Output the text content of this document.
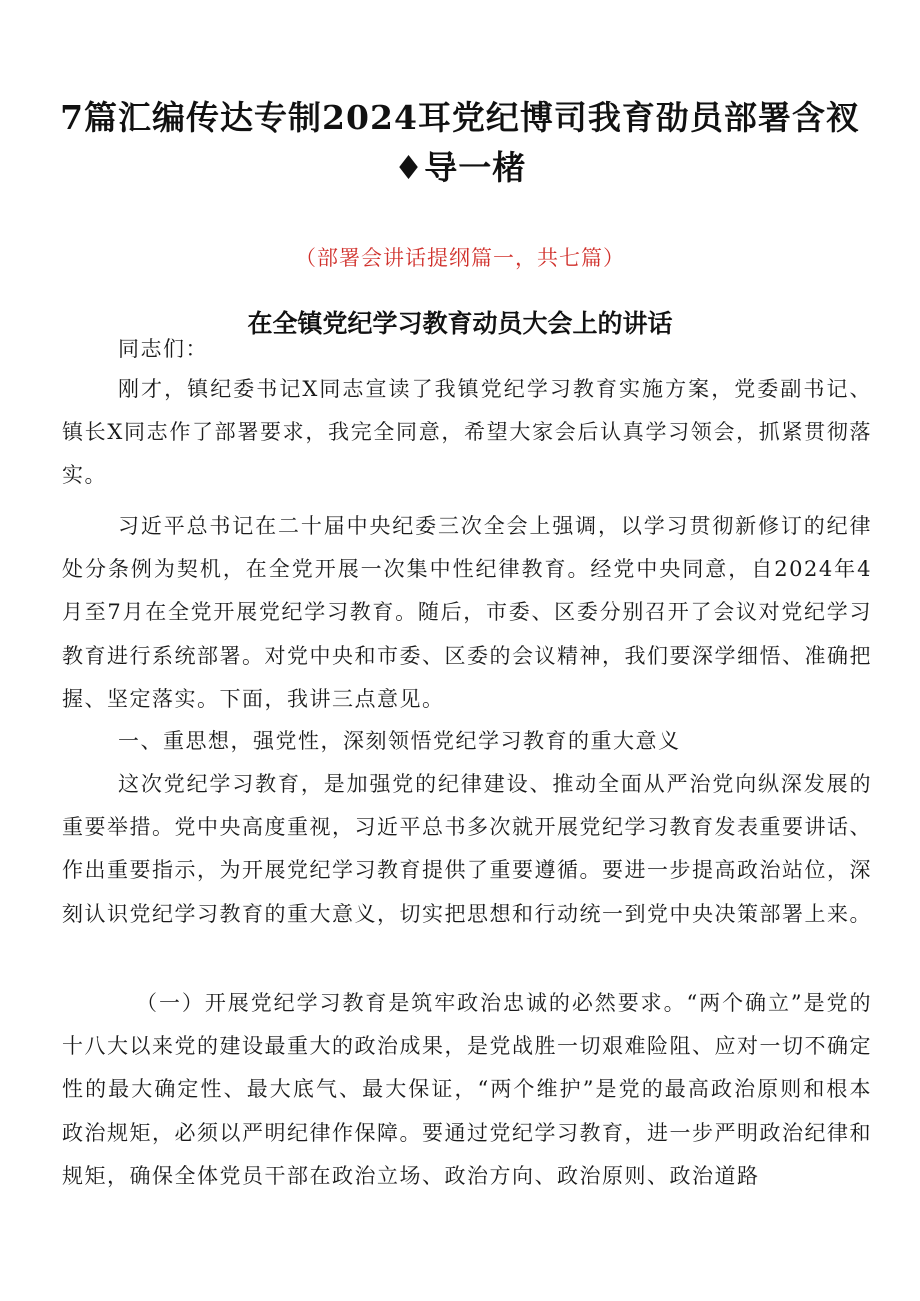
7篇汇编传达专制2024耳党纪博司我育劭员部署含衩
♦导一楮
（部署会讲话提纲篇一，共七篇）
在全镇党纪学习教育动员大会上的讲话

同志们：

刚才，镇纪委书记X同志宣读了我镇党纪学习教育实施方案，党委副书记、镇长X同志作了部署要求，我完全同意，希望大家会后认真学习领会，抓紧贯彻落实。

习近平总书记在二十届中央纪委三次全会上强调，以学习贯彻新修订的纪律处分条例为契机，在全党开展一次集中性纪律教育。经党中央同意，自2024年4月至7月在全党开展党纪学习教育。随后，市委、区委分别召开了会议对党纪学习教育进行系统部署。对党中央和市委、区委的会议精神，我们要深学细悟、准确把握、坚定落实。下面，我讲三点意见。

一、重思想，强党性，深刻领悟党纪学习教育的重大意义

这次党纪学习教育，是加强党的纪律建设、推动全面从严治党向纵深发展的重要举措。党中央高度重视，习近平总书多次就开展党纪学习教育发表重要讲话、作出重要指示，为开展党纪学习教育提供了重要遵循。要进一步提高政治站位，深刻认识党纪学习教育的重大意义，切实把思想和行动统一到党中央决策部署上来。

（一）开展党纪学习教育是筑牢政治忠诚的必然要求。“两个确立”是党的十八大以来党的建设最重大的政治成果，是党战胜一切艰难险阻、应对一切不确定性的最大确定性、最大底气、最大保证，“两个维护”是党的最高政治原则和根本政治规矩，必须以严明纪律作保障。要通过党纪学习教育，进一步严明政治纪律和规矩，确保全体党员干部在政治立场、政治方向、政治原则、政治道路
